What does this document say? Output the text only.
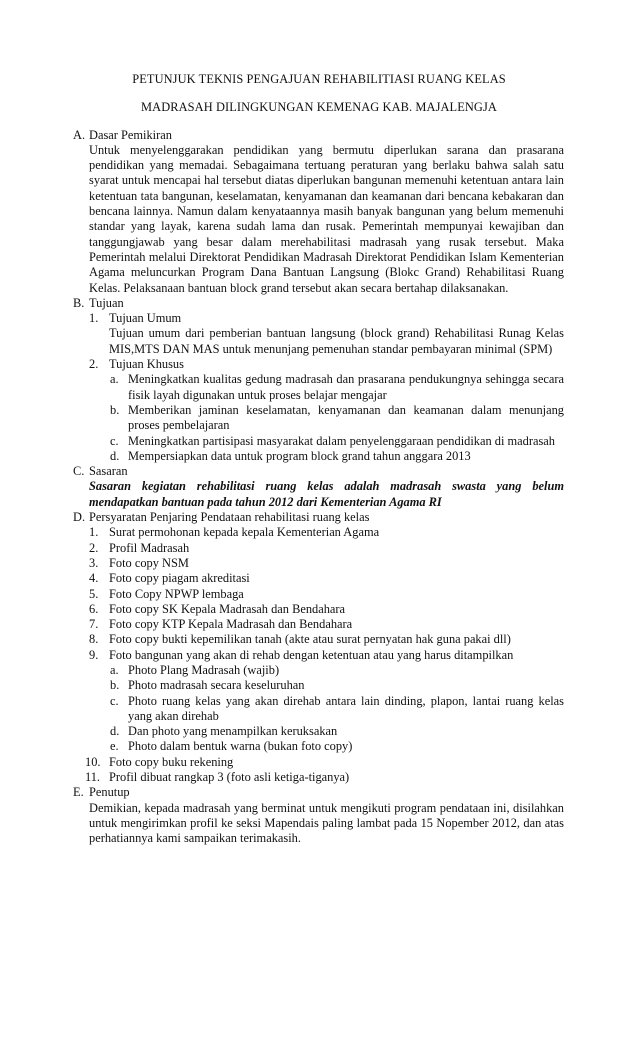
PETUNJUK TEKNIS PENGAJUAN REHABILITIASI RUANG KELAS

MADRASAH DILINGKUNGAN KEMENAG KAB. MAJALENGJA

A. Dasar Pemikiran
Untuk menyelenggarakan pendidikan yang bermutu diperlukan sarana dan prasarana pendidikan yang memadai. Sebagaimana tertuang peraturan yang berlaku bahwa salah satu syarat untuk mencapai hal tersebut diatas diperlukan bangunan memenuhi ketentuan antara lain ketentuan tata bangunan, keselamatan, kenyamanan dan keamanan dari bencana kebakaran dan bencana lainnya. Namun dalam kenyataannya masih banyak bangunan yang belum memenuhi standar yang layak, karena sudah lama dan rusak. Pemerintah mempunyai kewajiban dan tanggungjawab yang besar dalam merehabilitasi madrasah yang rusak tersebut. Maka Pemerintah melalui Direktorat Pendidikan Madrasah Direktorat Pendidikan Islam Kementerian Agama meluncurkan Program Dana Bantuan Langsung (Blokc Grand) Rehabilitasi Ruang Kelas. Pelaksanaan bantuan block grand tersebut akan secara bertahap dilaksanakan.
B. Tujuan
1. Tujuan Umum
Tujuan umum dari pemberian bantuan langsung (block grand) Rehabilitasi Runag Kelas MIS,MTS DAN MAS untuk menunjang pemenuhan standar pembayaran minimal (SPM)
2. Tujuan Khusus
a. Meningkatkan kualitas gedung madrasah dan prasarana pendukungnya sehingga secara fisik layah digunakan untuk proses belajar mengajar
b. Memberikan jaminan keselamatan, kenyamanan dan keamanan dalam menunjang proses pembelajaran
c. Meningkatkan partisipasi masyarakat dalam penyelenggaraan pendidikan di madrasah
d. Mempersiapkan data untuk program block grand tahun anggara 2013
C. Sasaran
Sasaran kegiatan rehabilitasi ruang kelas adalah madrasah swasta yang belum mendapatkan bantuan pada tahun 2012 dari Kementerian Agama RI
D. Persyaratan Penjaring Pendataan rehabilitasi ruang kelas
1. Surat permohonan kepada kepala Kementerian Agama
2. Profil Madrasah
3. Foto copy NSM
4. Foto copy piagam akreditasi
5. Foto Copy NPWP lembaga
6. Foto copy SK Kepala Madrasah dan Bendahara
7. Foto copy KTP Kepala Madrasah dan Bendahara
8. Foto copy bukti kepemilikan tanah (akte atau surat pernyatan hak guna pakai dll)
9. Foto bangunan yang akan di rehab dengan ketentuan atau yang harus ditampilkan
a. Photo Plang Madrasah (wajib)
b. Photo madrasah secara keseluruhan
c. Photo ruang kelas yang akan direhab antara lain dinding, plapon, lantai ruang kelas yang akan direhab
d. Dan photo yang menampilkan keruksakan
e. Photo dalam bentuk warna (bukan foto copy)
10. Foto copy buku rekening
11. Profil dibuat rangkap 3 (foto asli ketiga-tiganya)
E. Penutup
Demikian, kepada madrasah yang berminat untuk mengikuti program pendataan ini, disilahkan untuk mengirimkan profil ke seksi Mapendais paling lambat pada 15 Nopember 2012, dan atas perhatiannya kami sampaikan terimakasih.
